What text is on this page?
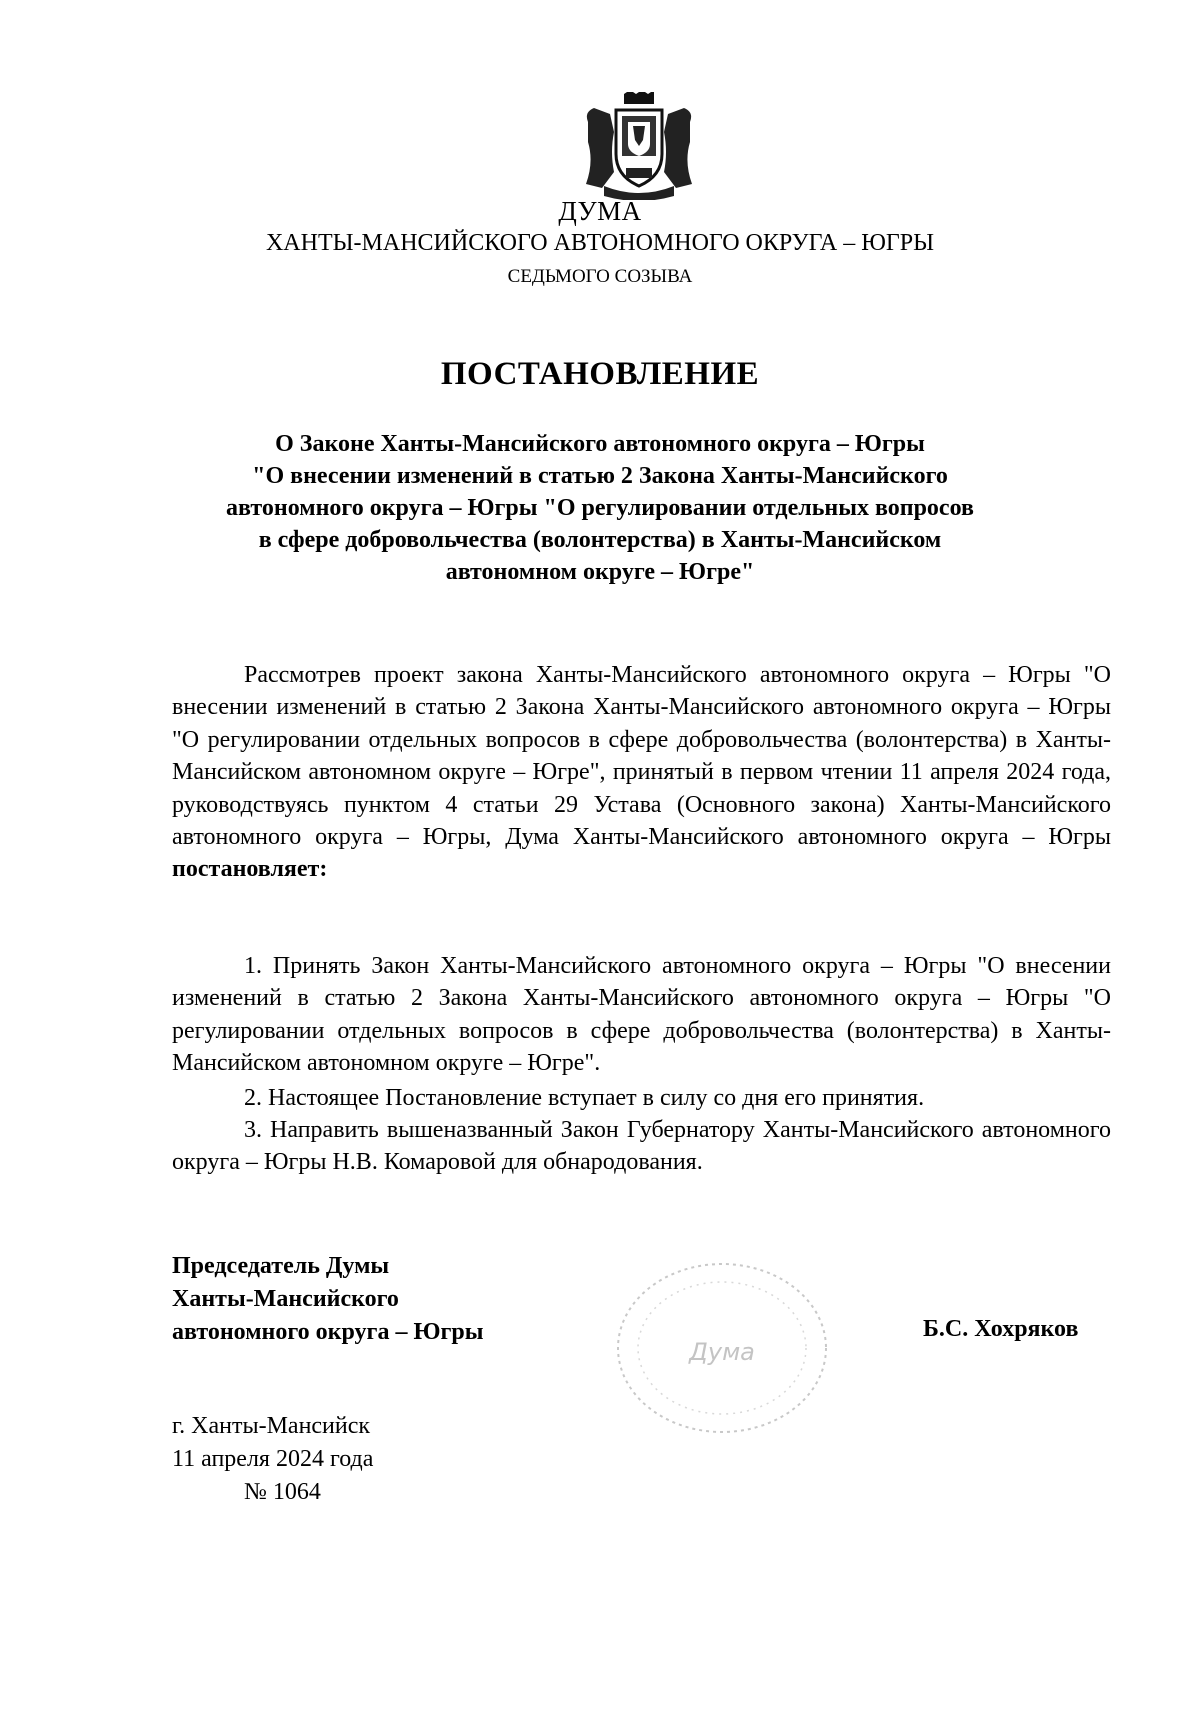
ДУМА
ХАНТЫ-МАНСИЙСКОГО АВТОНОМНОГО ОКРУГА – ЮГРЫ
СЕДЬМОГО СОЗЫВА
ПОСТАНОВЛЕНИЕ
О Законе Ханты-Мансийского автономного округа – Югры
"О внесении изменений в статью 2 Закона Ханты-Мансийского
автономного округа – Югры "О регулировании отдельных вопросов
в сфере добровольчества (волонтерства) в Ханты-Мансийском
автономном округе – Югре"

Рассмотрев проект закона Ханты-Мансийского автономного округа – Югры "О внесении изменений в статью 2 Закона Ханты-Мансийского автономного округа – Югры "О регулировании отдельных вопросов в сфере добровольчества (волонтерства) в Ханты-Мансийском автономном округе – Югре", принятый в первом чтении 11 апреля 2024 года, руководствуясь пунктом 4 статьи 29 Устава (Основного закона) Ханты-Мансийского автономного округа – Югры, Дума Ханты-Мансийского автономного округа – Югры постановляет:

1. Принять Закон Ханты-Мансийского автономного округа – Югры "О внесении изменений в статью 2 Закона Ханты-Мансийского автономного округа – Югры "О регулировании отдельных вопросов в сфере добровольчества (волонтерства) в Ханты-Мансийском автономном округе – Югре".

2. Настоящее Постановление вступает в силу со дня его принятия.

3. Направить вышеназванный Закон Губернатору Ханты-Мансийского автономного округа – Югры Н.В. Комаровой для обнародования.

Председатель Думы
Ханты-Мансийского
автономного округа – Югры
Дума
Б.С. Хохряков
г. Ханты-Мансийск
11 апреля 2024 года
№ 1064
